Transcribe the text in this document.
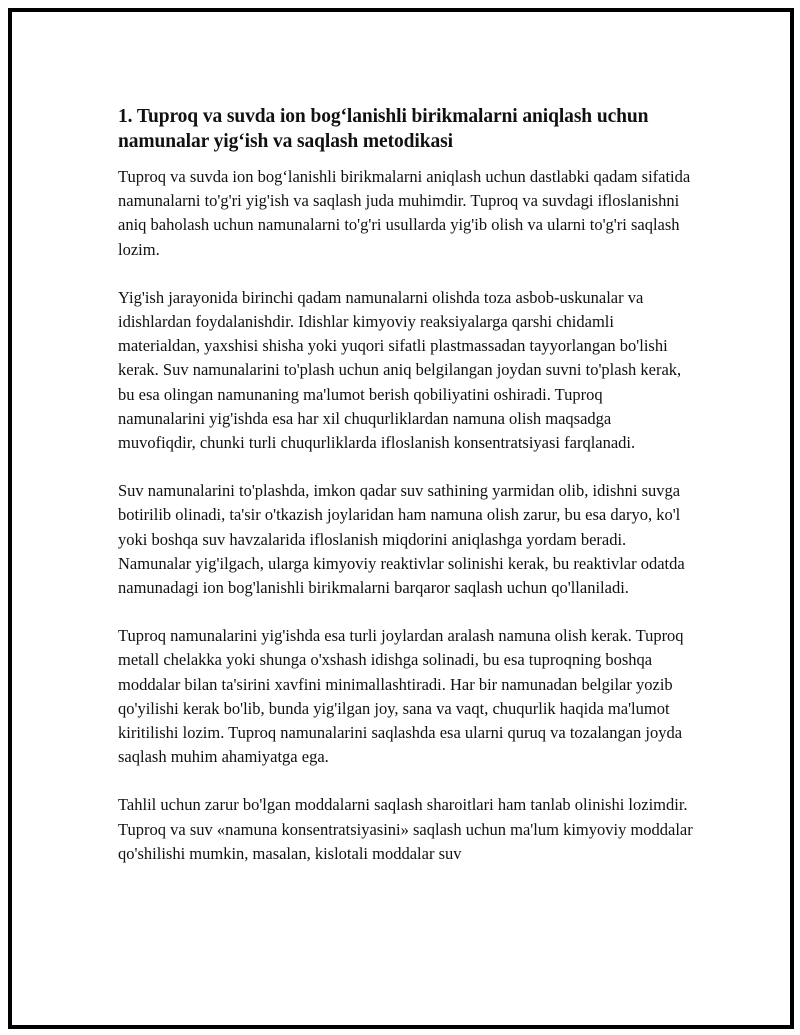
1. Tuproq va suvda ion bog‘lanishli birikmalarni aniqlash uchun namunalar yig‘ish va saqlash metodikasi

Tuproq va suvda ion bog‘lanishli birikmalarni aniqlash uchun dastlabki qadam sifatida namunalarni to'g'ri yig'ish va saqlash juda muhimdir. Tuproq va suvdagi ifloslanishni aniq baholash uchun namunalarni to'g'ri usullarda yig'ib olish va ularni to'g'ri saqlash lozim.

Yig'ish jarayonida birinchi qadam namunalarni olishda toza asbob-uskunalar va idishlardan foydalanishdir. Idishlar kimyoviy reaksiyalarga qarshi chidamli materialdan, yaxshisi shisha yoki yuqori sifatli plastmassadan tayyorlangan bo'lishi kerak. Suv namunalarini to'plash uchun aniq belgilangan joydan suvni to'plash kerak, bu esa olingan namunaning ma'lumot berish qobiliyatini oshiradi. Tuproq namunalarini yig'ishda esa har xil chuqurliklardan namuna olish maqsadga muvofiqdir, chunki turli chuqurliklarda ifloslanish konsentratsiyasi farqlanadi.

Suv namunalarini to'plashda, imkon qadar suv sathining yarmidan olib, idishni suvga botirilib olinadi, ta'sir o'tkazish joylaridan ham namuna olish zarur, bu esa daryo, ko'l yoki boshqa suv havzalarida ifloslanish miqdorini aniqlashga yordam beradi. Namunalar yig'ilgach, ularga kimyoviy reaktivlar solinishi kerak, bu reaktivlar odatda namunadagi ion bog'lanishli birikmalarni barqaror saqlash uchun qo'llaniladi.

Tuproq namunalarini yig'ishda esa turli joylardan aralash namuna olish kerak. Tuproq metall chelakka yoki shunga o'xshash idishga solinadi, bu esa tuproqning boshqa moddalar bilan ta'sirini xavfini minimallashtiradi. Har bir namunadan belgilar yozib qo'yilishi kerak bo'lib, bunda yig'ilgan joy, sana va vaqt, chuqurlik haqida ma'lumot kiritilishi lozim. Tuproq namunalarini saqlashda esa ularni quruq va tozalangan joyda saqlash muhim ahamiyatga ega.

Tahlil uchun zarur bo'lgan moddalarni saqlash sharoitlari ham tanlab olinishi lozimdir. Tuproq va suv «namuna konsentratsiyasini» saqlash uchun ma'lum kimyoviy moddalar qo'shilishi mumkin, masalan, kislotali moddalar suv
